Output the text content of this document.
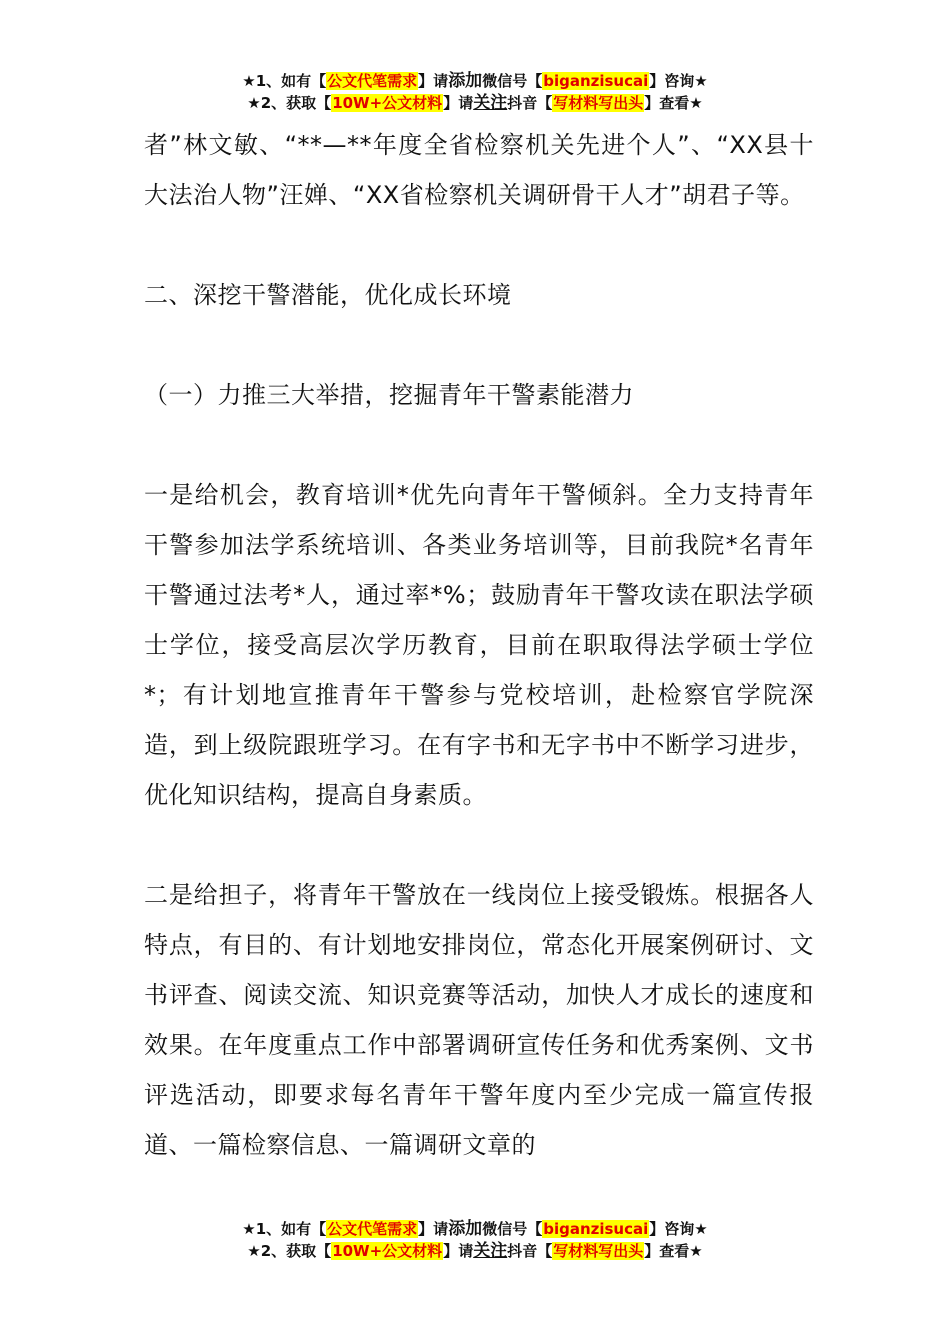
★1、如有【公文代笔需求】请添加微信号【biganzisucai】咨询★
★2、获取【10W+公文材料】请关注抖音【写材料写出头】查看★

者”林文敏、“**—**年度全省检察机关先进个人”、“XX县十大法治人物”汪婵、“XX省检察机关调研骨干人才”胡君子等。

二、深挖干警潜能，优化成长环境

（一）力推三大举措，挖掘青年干警素能潜力

一是给机会，教育培训*优先向青年干警倾斜。全力支持青年干警参加法学系统培训、各类业务培训等，目前我院*名青年干警通过法考*人，通过率*%；鼓励青年干警攻读在职法学硕士学位，接受高层次学历教育，目前在职取得法学硕士学位*；有计划地宣推青年干警参与党校培训，赴检察官学院深造，到上级院跟班学习。在有字书和无字书中不断学习进步，优化知识结构，提高自身素质。

二是给担子，将青年干警放在一线岗位上接受锻炼。根据各人特点，有目的、有计划地安排岗位，常态化开展案例研讨、文书评查、阅读交流、知识竞赛等活动，加快人才成长的速度和效果。在年度重点工作中部署调研宣传任务和优秀案例、文书评选活动，即要求每名青年干警年度内至少完成一篇宣传报道、一篇检察信息、一篇调研文章的

★1、如有【公文代笔需求】请添加微信号【biganzisucai】咨询★
★2、获取【10W+公文材料】请关注抖音【写材料写出头】查看★
